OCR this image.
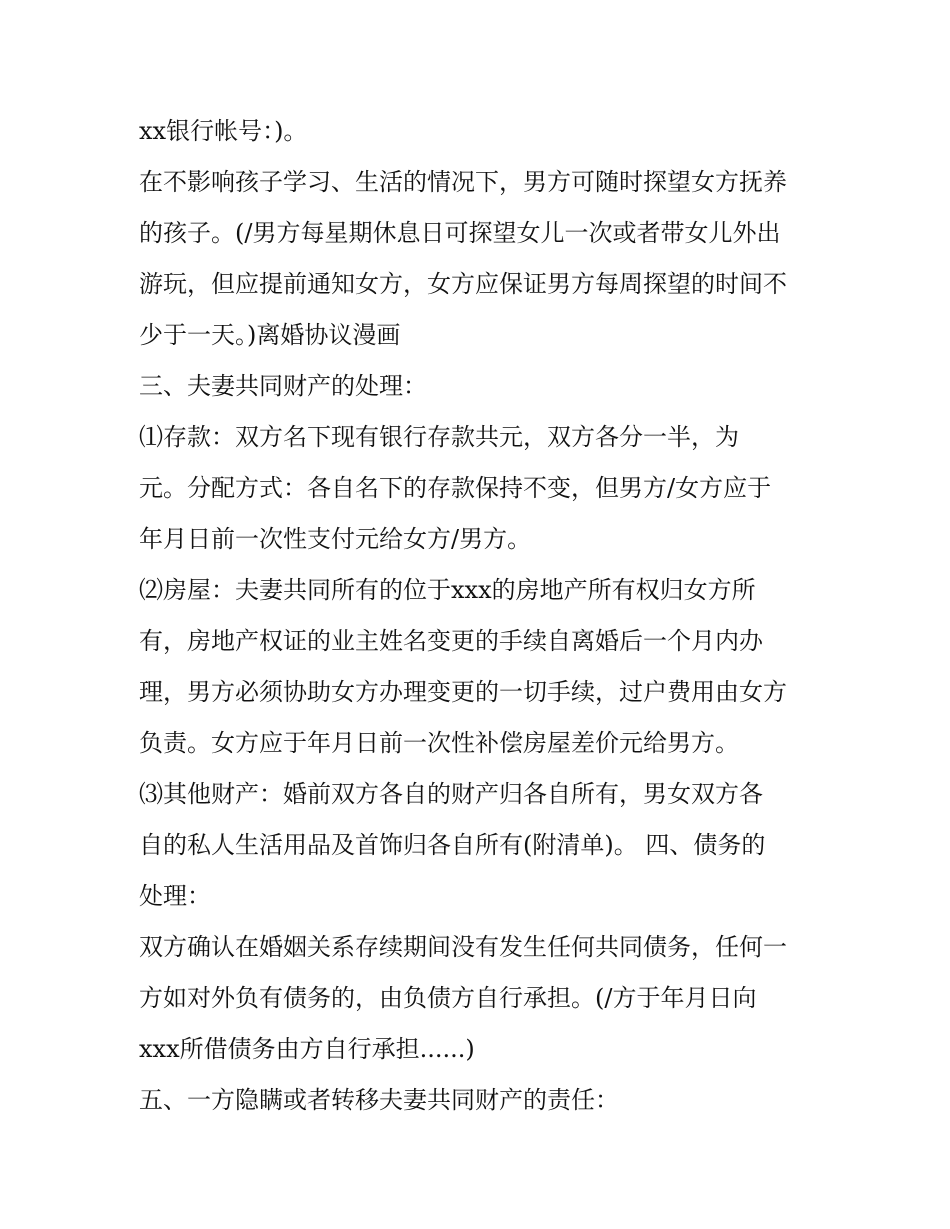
xx银行帐号：)。
在不影响孩子学习、生活的情况下，男方可随时探望女方抚养
的孩子。(/男方每星期休息日可探望女儿一次或者带女儿外出
游玩，但应提前通知女方，女方应保证男方每周探望的时间不
少于一天。)离婚协议漫画
三、夫妻共同财产的处理：
⑴存款：双方名下现有银行存款共元，双方各分一半，为
元。分配方式：各自名下的存款保持不变，但男方/女方应于
年月日前一次性支付元给女方/男方。
⑵房屋：夫妻共同所有的位于xxx的房地产所有权归女方所
有，房地产权证的业主姓名变更的手续自离婚后一个月内办
理，男方必须协助女方办理变更的一切手续，过户费用由女方
负责。女方应于年月日前一次性补偿房屋差价元给男方。
⑶其他财产：婚前双方各自的财产归各自所有，男女双方各
自的私人生活用品及首饰归各自所有(附清单)。 四、债务的
处理：
双方确认在婚姻关系存续期间没有发生任何共同债务，任何一
方如对外负有债务的，由负债方自行承担。(/方于年月日向
xxx所借债务由方自行承担......)
五、一方隐瞒或者转移夫妻共同财产的责任：
